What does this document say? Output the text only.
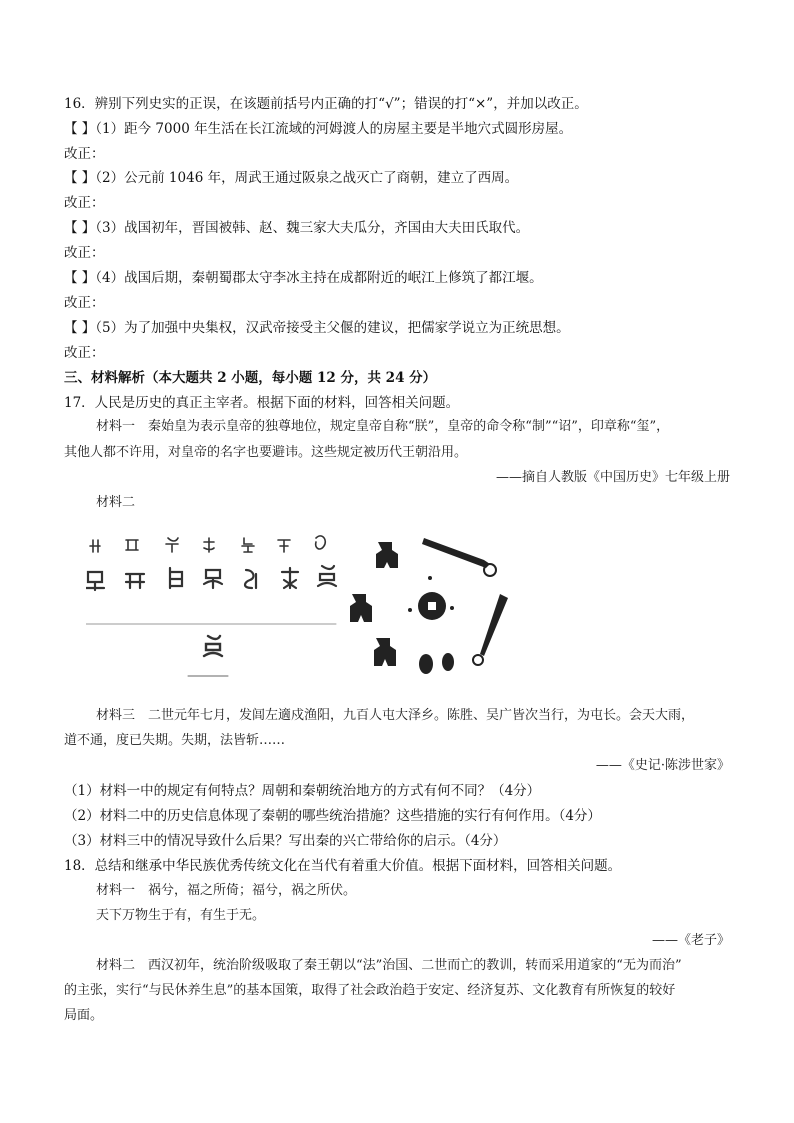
16．辨别下列史实的正误，在该题前括号内正确的打“√”；错误的打“×”，并加以改正。
【 】（1）距今 7000 年生活在长江流域的河姆渡人的房屋主要是半地穴式圆形房屋。
改正：
【 】（2）公元前 1046 年，周武王通过阪泉之战灭亡了商朝，建立了西周。
改正：
【 】（3）战国初年，晋国被韩、赵、魏三家大夫瓜分，齐国由大夫田氏取代。
改正：
【 】（4）战国后期，秦朝蜀郡太守李冰主持在成都附近的岷江上修筑了都江堰。
改正：
【 】（5）为了加强中央集权，汉武帝接受主父偃的建议，把儒家学说立为正统思想。
改正：
三、材料解析（本大题共 2 小题，每小题 12 分，共 24 分）
17．人民是历史的真正主宰者。根据下面的材料，回答相关问题。
材料一　秦始皇为表示皇帝的独尊地位，规定皇帝自称“朕”，皇帝的命令称“制”“诏”，印章称“玺”，
其他人都不许用，对皇帝的名字也要避讳。这些规定被历代王朝沿用。
——摘自人教版《中国历史》七年级上册
材料二
材料三　二世元年七月，发闾左適戍渔阳，九百人屯大泽乡。陈胜、吴广皆次当行，为屯长。会天大雨，
道不通，度已失期。失期，法皆斩……
——《史记·陈涉世家》
（1）材料一中的规定有何特点？周朝和秦朝统治地方的方式有何不同？（4分）
（2）材料二中的历史信息体现了秦朝的哪些统治措施？这些措施的实行有何作用。（4分）
（3）材料三中的情况导致什么后果？写出秦的兴亡带给你的启示。（4分）
18．总结和继承中华民族优秀传统文化在当代有着重大价值。根据下面材料，回答相关问题。
材料一　祸兮，福之所倚；福兮，祸之所伏。
天下万物生于有，有生于无。
——《老子》
材料二　西汉初年，统治阶级吸取了秦王朝以“法”治国、二世而亡的教训，转而采用道家的“无为而治”
的主张，实行“与民休养生息”的基本国策，取得了社会政治趋于安定、经济复苏、文化教育有所恢复的较好
局面。
